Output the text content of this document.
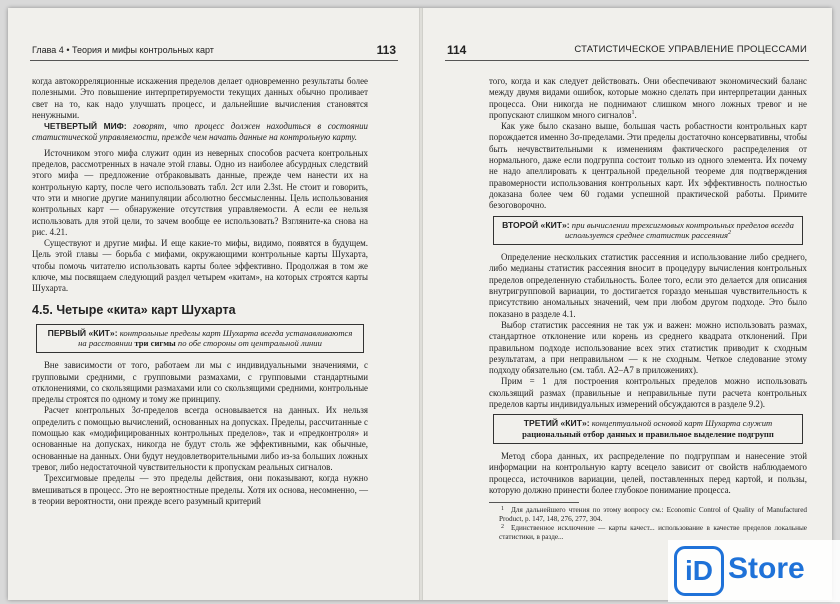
Глава 4 • Теория и мифы контрольных карт	113

когда автокорреляционные искажения пределов делает одновременно результаты более полезными. Это повышение интерпретируемости текущих данных обычно проливает свет на то, как надо улучшать процесс, и дальнейшие вычисления становятся ненужными.

ЧЕТВЕРТЫЙ МИФ: говорят, что процесс должен находиться в состоянии статистической управляемости, прежде чем начать данные на контрольную карту.

Источником этого мифа служит один из неверных способов расчета контрольных пределов, рассмотренных в начале этой главы. Одно из наиболее абсурдных следствий этого мифа — предложение отбраковывать данные, прежде чем нанести их на контрольную карту, после чего использовать табл. 2ст или 2.3st. Не стоит и говорить, что эти и многие другие манипуляции абсолютно бессмысленны. Цель использования контрольных карт — обнаружение отсутствия управляемости. А если ее нельзя использовать для этой цели, то зачем вообще ее использовать? Взгляните-ка снова на рис. 4.21.

Существуют и другие мифы. И еще какие-то мифы, видимо, появятся в будущем. Цель этой главы — борьба с мифами, окружающими контрольные карты Шухарта, чтобы помочь читателю использовать карты более эффективно. Продолжая в том же ключе, мы посвящаем следующий раздел четырем «китам», на которых строятся карты Шухарта.

4.5. Четыре «кита» карт Шухарта
ПЕРВЫЙ «КИТ»: контрольные пределы карт Шухарта всегда устанавливаются на расстоянии три сигмы по обе стороны от центральной линии

Вне зависимости от того, работаем ли мы с индивидуальными значениями, с групповыми средними, с групповыми размахами, с групповыми стандартными отклонениями, со скользящими размахами или со скользящими средними, контрольные пределы строятся по одному и тому же принципу.

Расчет контрольных 3σ-пределов всегда основывается на данных. Их нельзя определить с помощью вычислений, основанных на допусках. Пределы, рассчитанные с помощью как «модифицированных контрольных пределов», так и «предконтроля» и основанные на допусках, никогда не будут столь же эффективными, как обычные, основанные на данных. Они будут неудовлетворительными либо из-за больших ложных тревог, либо недостаточной чувствительности к пропускам реальных сигналов.

Трехсигмовые пределы — это пределы действия, они показывают, когда нужно вмешиваться в процесс. Это не вероятностные пределы. Хотя их основа, несомненно, — в теории вероятности, они прежде всего разумный критерий

114	СТАТИСТИЧЕСКОЕ УПРАВЛЕНИЕ ПРОЦЕССАМИ

того, когда и как следует действовать. Они обеспечивают экономический баланс между двумя видами ошибок, которые можно сделать при интерпретации данных процесса. Они никогда не поднимают слишком много ложных тревог и не пропускают слишком много сигналов$^1$.

Как уже было сказано выше, большая часть робастности контрольных карт порождается именно 3σ-пределами. Эти пределы достаточно консервативны, чтобы быть нечувствительными к изменениям фактического распределения от нормального, даже если подгруппа состоит только из одного элемента. Их почему не надо апеллировать к центральной предельной теореме для подтверждения правомерности использования контрольных карт. Их эффективность полностью доказана более чем 60 годами успешной практической работы. Примите безоговорочно.

ВТОРОЙ «КИТ»: при вычислении трехсигмовых контрольных пределов всегда используется среднее статистик рассеяния$^2$

Определение нескольких статистик рассеяния и использование либо среднего, либо медианы статистик рассеяния вносит в процедуру вычисления контрольных пределов определенную стабильность. Более того, если это делается для описания внутригрупповой вариации, то достигается гораздо меньшая чувствительность к присутствию аномальных значений, чем при любом другом подходе. Это было показано в разделе 4.1.

Выбор статистик рассеяния не так уж и важен: можно использовать размах, стандартное отклонение или корень из среднего квадрата отклонений. При правильном подходе использование всех этих статистик приводит к сходным результатам, а при неправильном — к не сходным. Четкое следование этому подходу обязательно (см. табл. А2–А7 в приложениях).

Прим = 1 для построения контрольных пределов можно использовать скользящий размах (правильные и неправильные пути расчета контрольных пределов карты индивидуальных измерений обсуждаются в разделе 9.2).

ТРЕТИЙ «КИТ»: концептуальной основой карт Шухарта служит рациональный отбор данных и правильное выделение подгрупп

Метод сбора данных, их распределение по подгруппам и нанесение этой информации на контрольную карту всецело зависит от свойств наблюдаемого процесса, источников вариации, целей, поставленных перед картой, и пользы, которую должно принести более глубокое понимание процесса.

1 Для дальнейшего чтения по этому вопросу см.: Economic Control of Quality of Manufactured Product, p. 147, 148, 276, 277, 304.

2 Единственное исключение — карты качест... использование в качестве пределов локальные статистики, в разде...

iD Store
